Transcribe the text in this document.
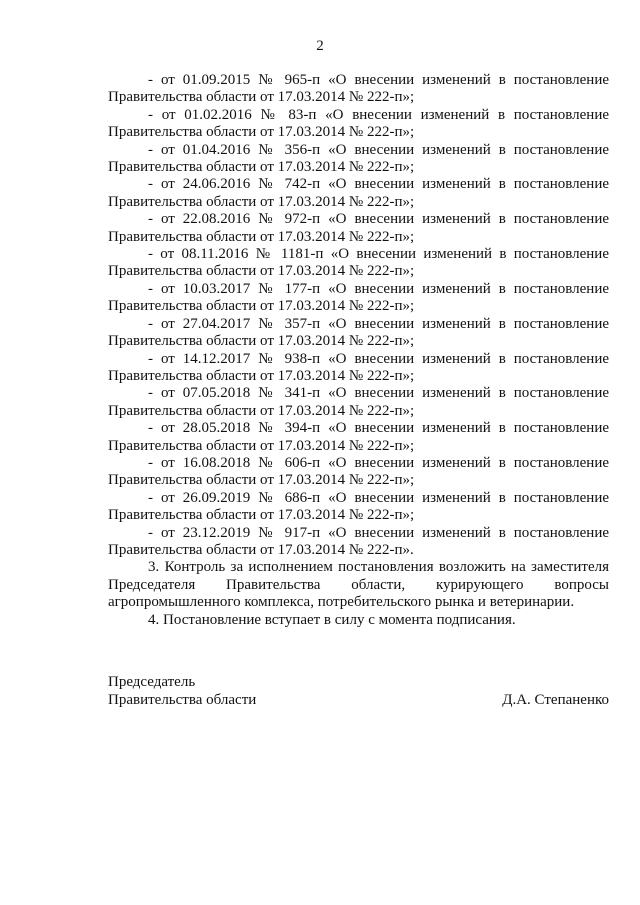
2

- от 01.09.2015 № 965-п «О внесении изменений в постановление Правительства области от 17.03.2014 № 222-п»;

- от 01.02.2016 № 83-п «О внесении изменений в постановление Правительства области от 17.03.2014 № 222-п»;

- от 01.04.2016 № 356-п «О внесении изменений в постановление Правительства области от 17.03.2014 № 222-п»;

- от 24.06.2016 № 742-п «О внесении изменений в постановление Правительства области от 17.03.2014 № 222-п»;

- от 22.08.2016 № 972-п «О внесении изменений в постановление Правительства области от 17.03.2014 № 222-п»;

- от 08.11.2016 № 1181-п «О внесении изменений в постановление Правительства области от 17.03.2014 № 222-п»;

- от 10.03.2017 № 177-п «О внесении изменений в постановление Правительства области от 17.03.2014 № 222-п»;

- от 27.04.2017 № 357-п «О внесении изменений в постановление Правительства области от 17.03.2014 № 222-п»;

- от 14.12.2017 № 938-п «О внесении изменений в постановление Правительства области от 17.03.2014 № 222-п»;

- от 07.05.2018 № 341-п «О внесении изменений в постановление Правительства области от 17.03.2014 № 222-п»;

- от 28.05.2018 № 394-п «О внесении изменений в постановление Правительства области от 17.03.2014 № 222-п»;

- от 16.08.2018 № 606-п «О внесении изменений в постановление Правительства области от 17.03.2014 № 222-п»;

- от 26.09.2019 № 686-п «О внесении изменений в постановление Правительства области от 17.03.2014 № 222-п»;

- от 23.12.2019 № 917-п «О внесении изменений в постановление Правительства области от 17.03.2014 № 222-п».

3. Контроль за исполнением постановления возложить на заместителя Председателя Правительства области, курирующего вопросы агропромышленного комплекса, потребительского рынка и ветеринарии.

4. Постановление вступает в силу с момента подписания.

Председатель
Правительства области	Д.А. Степаненко
